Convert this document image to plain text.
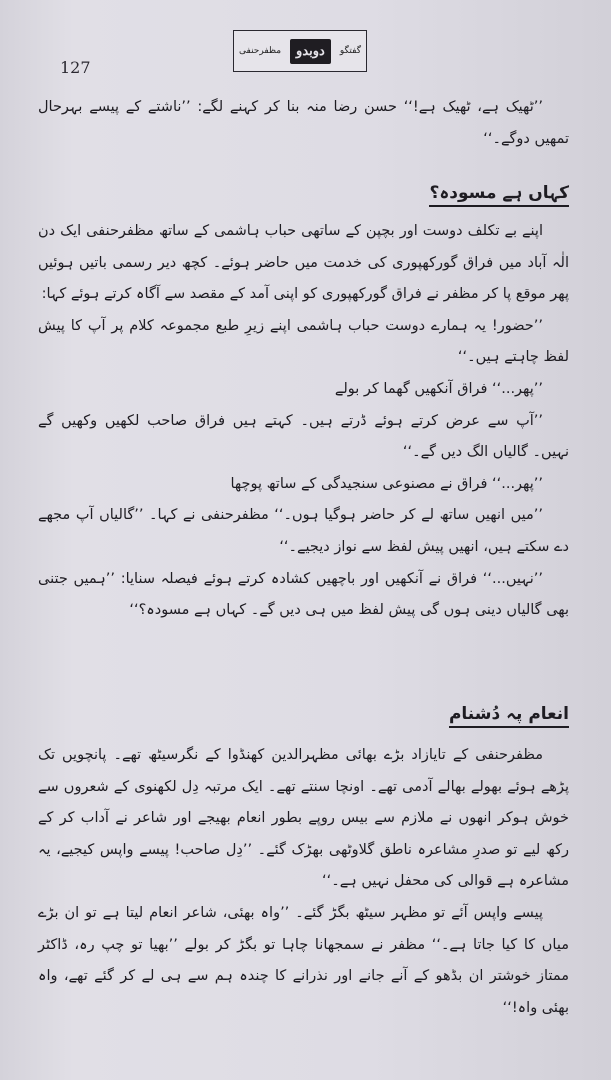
127
گفتگو
دوبدو
مظفرحنفی

’’ٹھیک ہے، ٹھیک ہے!‘‘ حسن رضا منہ بنا کر کہنے لگے: ’’ناشتے کے پیسے بہرحال تمھیں دوگے۔‘‘

کہاں ہے مسودہ؟

اپنے بے تکلف دوست اور بچپن کے ساتھی حباب ہاشمی کے ساتھ مظفرحنفی ایک دن الٰہ آباد میں فراق گورکھپوری کی خدمت میں حاضر ہوئے۔ کچھ دیر رسمی باتیں ہوئیں پھر موقع پا کر مظفر نے فراق گورکھپوری کو اپنی آمد کے مقصد سے آگاہ کرتے ہوئے کہا:

’’حضور! یہ ہمارے دوست حباب ہاشمی اپنے زیرِ طبع مجموعہ کلام پر آپ کا پیش لفظ چاہتے ہیں۔‘‘

’’پھر...‘‘ فراق آنکھیں گھما کر بولے

’’آپ سے عرض کرتے ہوئے ڈرتے ہیں۔ کہتے ہیں فراق صاحب لکھیں وکھیں گے نہیں۔ گالیاں الگ دیں گے۔‘‘

’’پھر...‘‘ فراق نے مصنوعی سنجیدگی کے ساتھ پوچھا

’’میں انھیں ساتھ لے کر حاضر ہوگیا ہوں۔‘‘ مظفرحنفی نے کہا۔ ’’گالیاں آپ مجھے دے سکتے ہیں، انھیں پیش لفظ سے نواز دیجیے۔‘‘

’’نہیں...‘‘ فراق نے آنکھیں اور باچھیں کشادہ کرتے ہوئے فیصلہ سنایا: ’’ہمیں جتنی بھی گالیاں دینی ہوں گی پیش لفظ میں ہی دیں گے۔ کہاں ہے مسودہ؟‘‘

انعام پہ دُشنام

مظفرحنفی کے تایازاد بڑے بھائی مظہرالدین کھنڈوا کے نگرسیٹھ تھے۔ پانچویں تک پڑھے ہوئے بھولے بھالے آدمی تھے۔ اونچا سنتے تھے۔ ایک مرتبہ دِل لکھنوی کے شعروں سے خوش ہوکر انھوں نے ملازم سے بیس روپے بطور انعام بھیجے اور شاعر نے آداب کر کے رکھ لیے تو صدرِ مشاعرہ ناطق گلاوٹھی بھڑک گئے۔ ’’دِل صاحب! پیسے واپس کیجیے، یہ مشاعرہ ہے قوالی کی محفل نہیں ہے۔‘‘

پیسے واپس آئے تو مظہر سیٹھ بگڑ گئے۔ ’’واہ بھئی، شاعر انعام لیتا ہے تو ان بڑے میاں کا کیا جاتا ہے۔‘‘ مظفر نے سمجھانا چاہا تو بگڑ کر بولے ’’بھیا تو چپ رہ، ڈاکٹر ممتاز خوشتر ان بڈھو کے آنے جانے اور نذرانے کا چندہ ہم سے ہی لے کر گئے تھے، واہ بھئی واہ!‘‘
